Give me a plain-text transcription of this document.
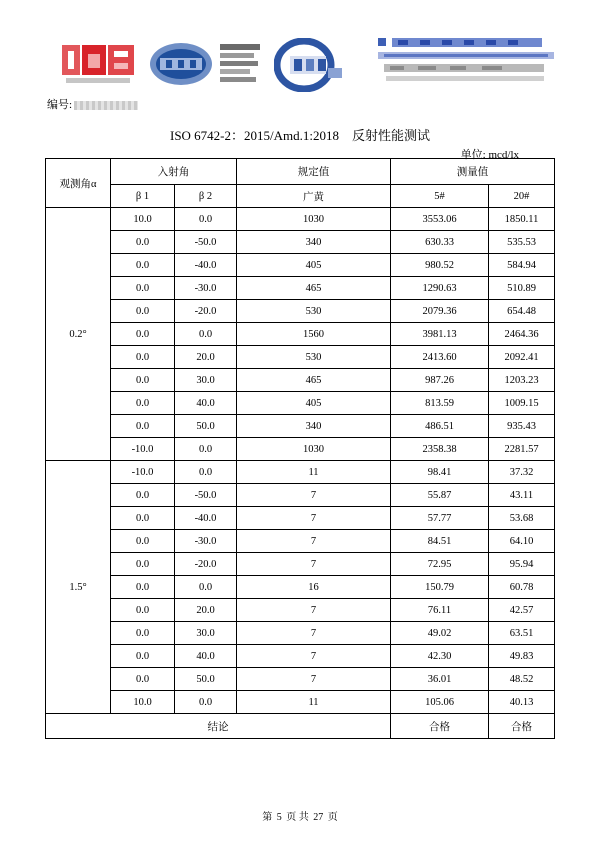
编号:
ISO 6742-2：2015/Amd.1:2018　反射性能测试
单位: mcd/lx
观测角α	入射角		规定值	测量值	
	β 1	β 2	广黄	5#	20#
0.2°	10.0	0.0	1030	3553.06	1850.11
	0.0	-50.0	340	630.33	535.53
	0.0	-40.0	405	980.52	584.94
	0.0	-30.0	465	1290.63	510.89
	0.0	-20.0	530	2079.36	654.48
	0.0	0.0	1560	3981.13	2464.36
	0.0	20.0	530	2413.60	2092.41
	0.0	30.0	465	987.26	1203.23
	0.0	40.0	405	813.59	1009.15
	0.0	50.0	340	486.51	935.43
	-10.0	0.0	1030	2358.38	2281.57
1.5°	-10.0	0.0	11	98.41	37.32
	0.0	-50.0	7	55.87	43.11
	0.0	-40.0	7	57.77	53.68
	0.0	-30.0	7	84.51	64.10
	0.0	-20.0	7	72.95	95.94
	0.0	0.0	16	150.79	60.78
	0.0	20.0	7	76.11	42.57
	0.0	30.0	7	49.02	63.51
	0.0	40.0	7	42.30	49.83
	0.0	50.0	7	36.01	48.52
	10.0	0.0	11	105.06	40.13
结论				合格	合格
第 5 页 共 27 页
